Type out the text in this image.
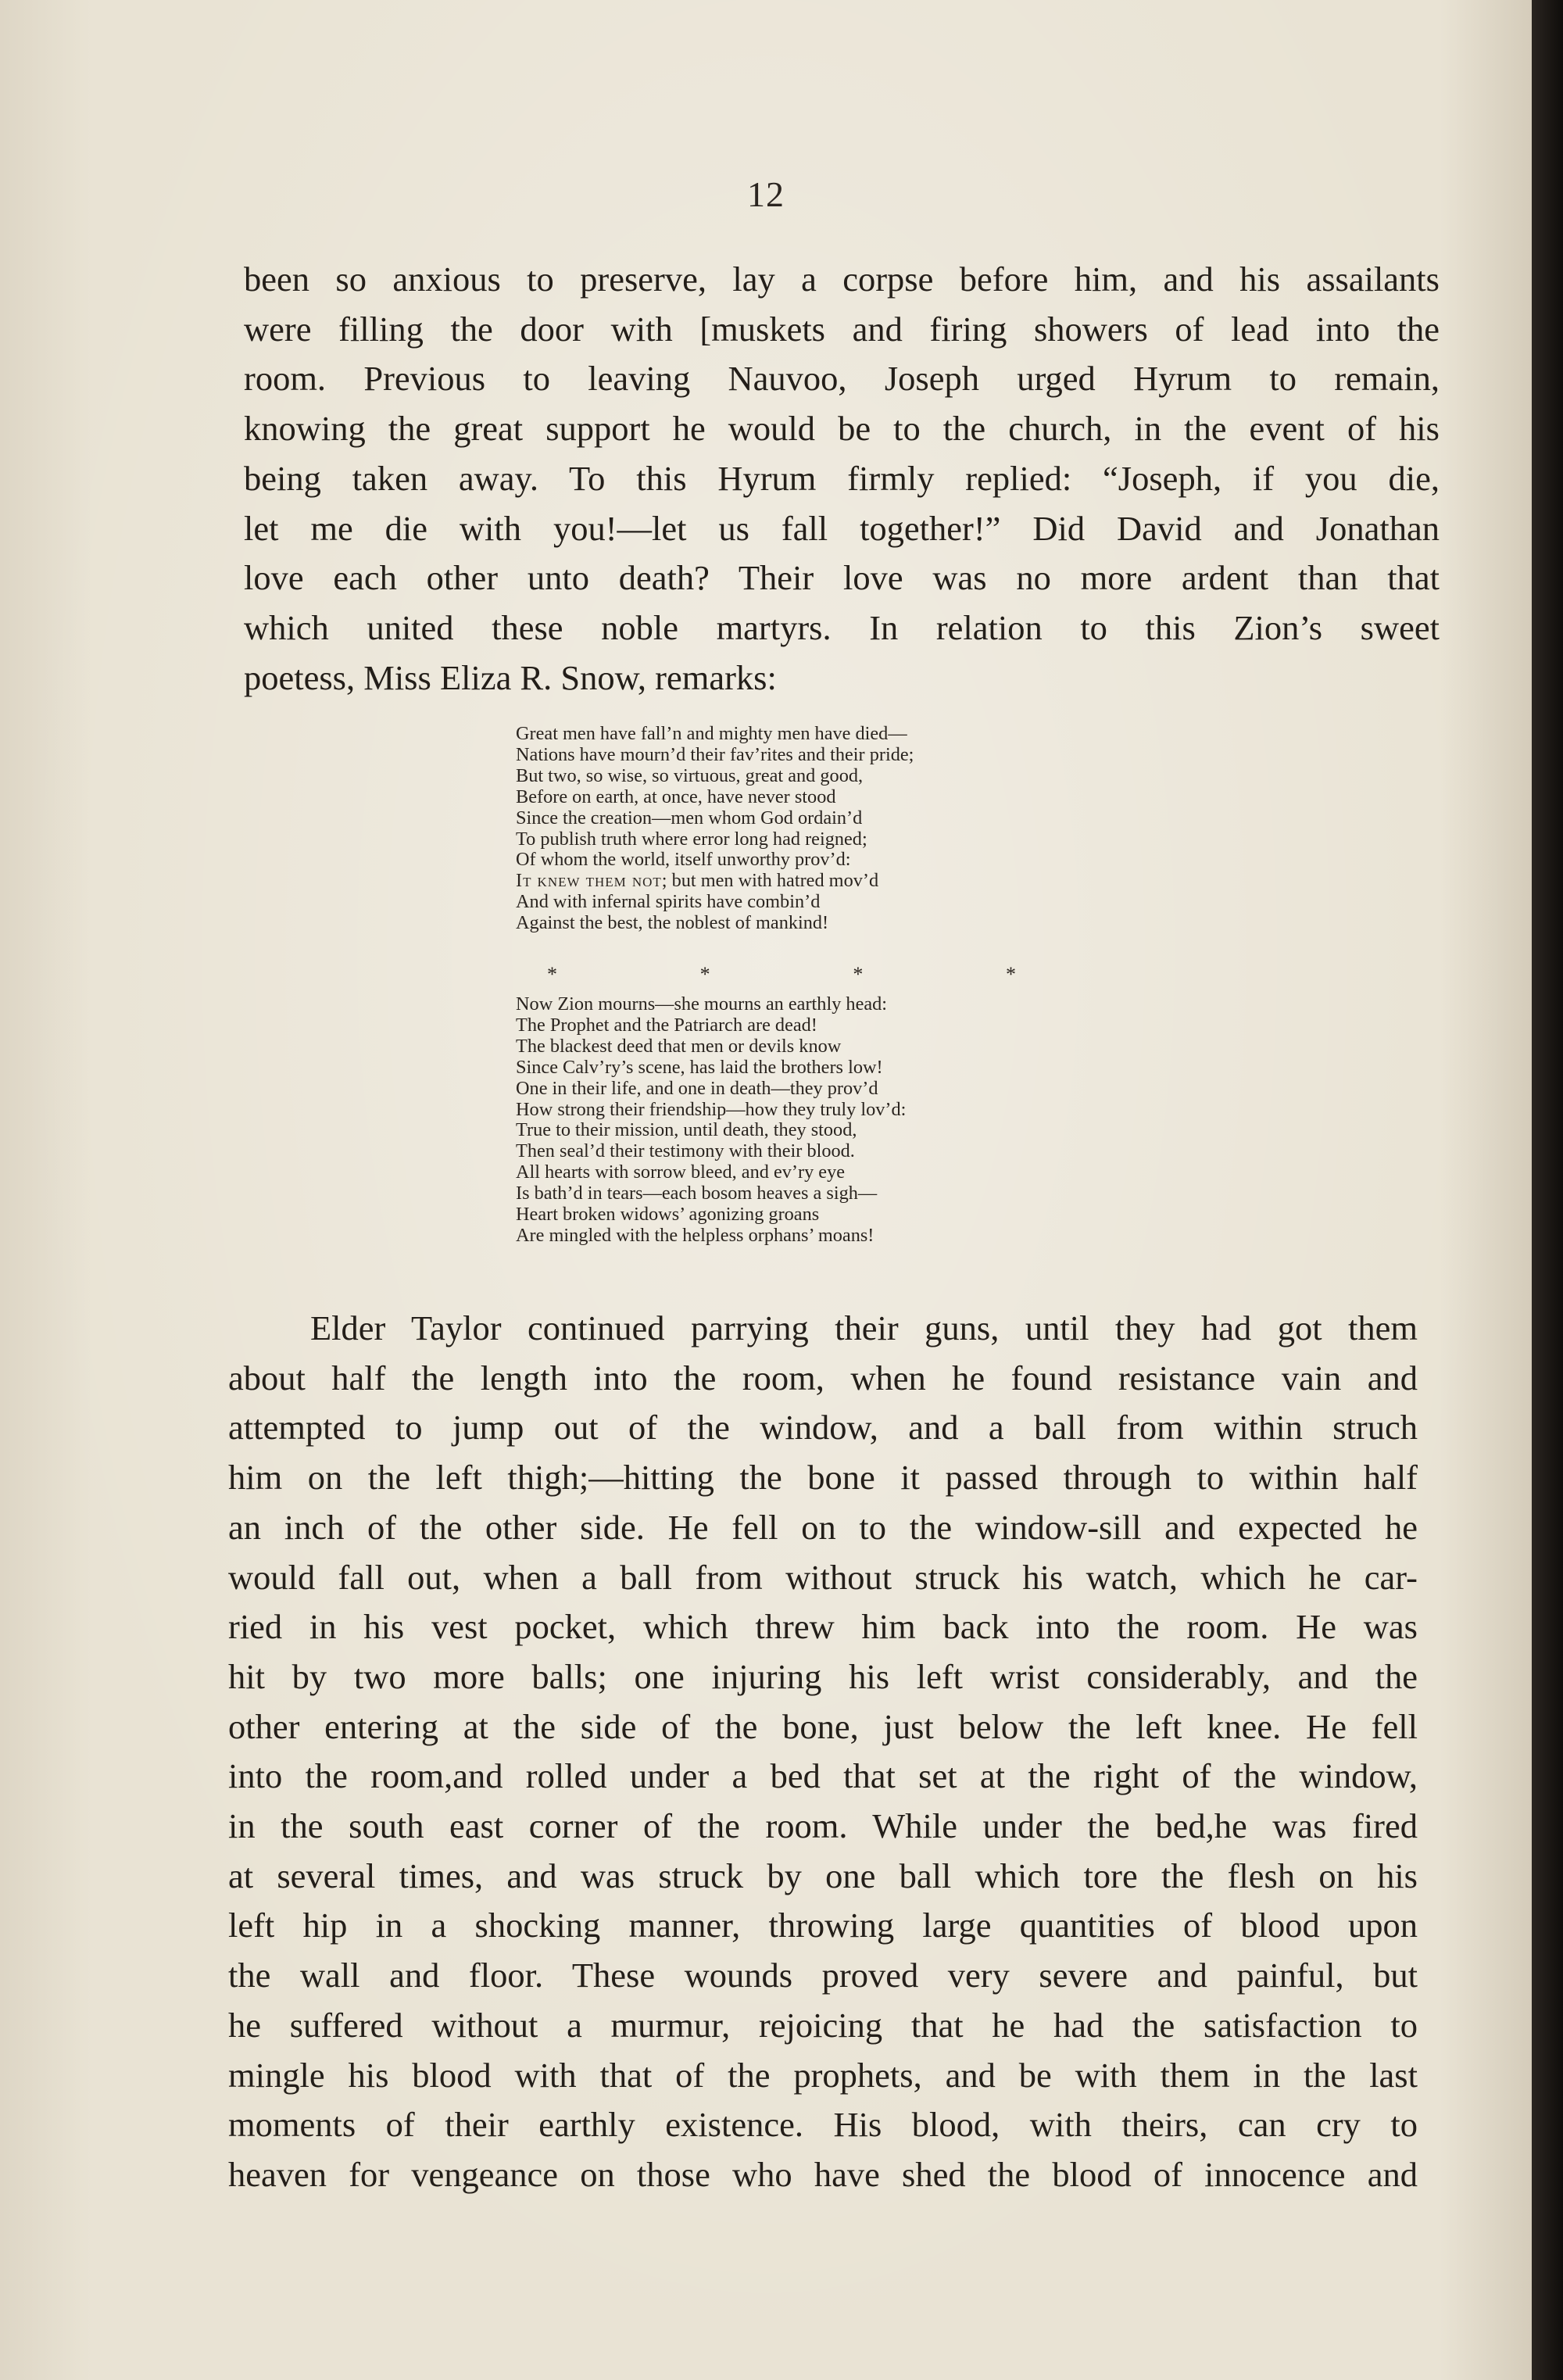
12

been so anxious to preserve, lay a corpse before him, and his assailants
were filling the door with [muskets and firing showers of lead into the
room. Previous to leaving Nauvoo, Joseph urged Hyrum to remain,
knowing the great support he would be to the church, in the event of his
being taken away. To this Hyrum firmly replied: “Joseph, if you die,
let me die with you!—let us fall together!” Did David and Jonathan
love each other unto death? Their love was no more ardent than that
which united these noble martyrs. In relation to this Zion’s sweet
poetess, Miss Eliza R. Snow, remarks:

Great men have fall’n and mighty men have died—
Nations have mourn’d their fav’rites and their pride;
But two, so wise, so virtuous, great and good,
Before on earth, at once, have never stood
Since the creation—men whom God ordain’d
To publish truth where error long had reigned;
Of whom the world, itself unworthy prov’d:
It knew them not; but men with hatred mov’d
And with infernal spirits have combin’d
Against the best, the noblest of mankind!
*	*	*	*
Now Zion mourns—she mourns an earthly head:
The Prophet and the Patriarch are dead!
The blackest deed that men or devils know
Since Calv’ry’s scene, has laid the brothers low!
One in their life, and one in death—they prov’d
How strong their friendship—how they truly lov’d:
True to their mission, until death, they stood,
Then seal’d their testimony with their blood.
All hearts with sorrow bleed, and ev’ry eye
Is bath’d in tears—each bosom heaves a sigh—
Heart broken widows’ agonizing groans
Are mingled with the helpless orphans’ moans!

Elder Taylor continued parrying their guns, until they had got them
about half the length into the room, when he found resistance vain and
attempted to jump out of the window, and a ball from within struch
him on the left thigh;—hitting the bone it passed through to within half
an inch of the other side. He fell on to the window-sill and expected he
would fall out, when a ball from without struck his watch, which he car-
ried in his vest pocket, which threw him back into the room. He was
hit by two more balls; one injuring his left wrist considerably, and the
other entering at the side of the bone, just below the left knee. He fell
into the room,and rolled under a bed that set at the right of the window,
in the south east corner of the room. While under the bed,he was fired
at several times, and was struck by one ball which tore the flesh on his
left hip in a shocking manner, throwing large quantities of blood upon
the wall and floor. These wounds proved very severe and painful, but
he suffered without a murmur, rejoicing that he had the satisfaction to
mingle his blood with that of the prophets, and be with them in the last
moments of their earthly existence. His blood, with theirs, can cry to
heaven for vengeance on those who have shed the blood of innocence and
